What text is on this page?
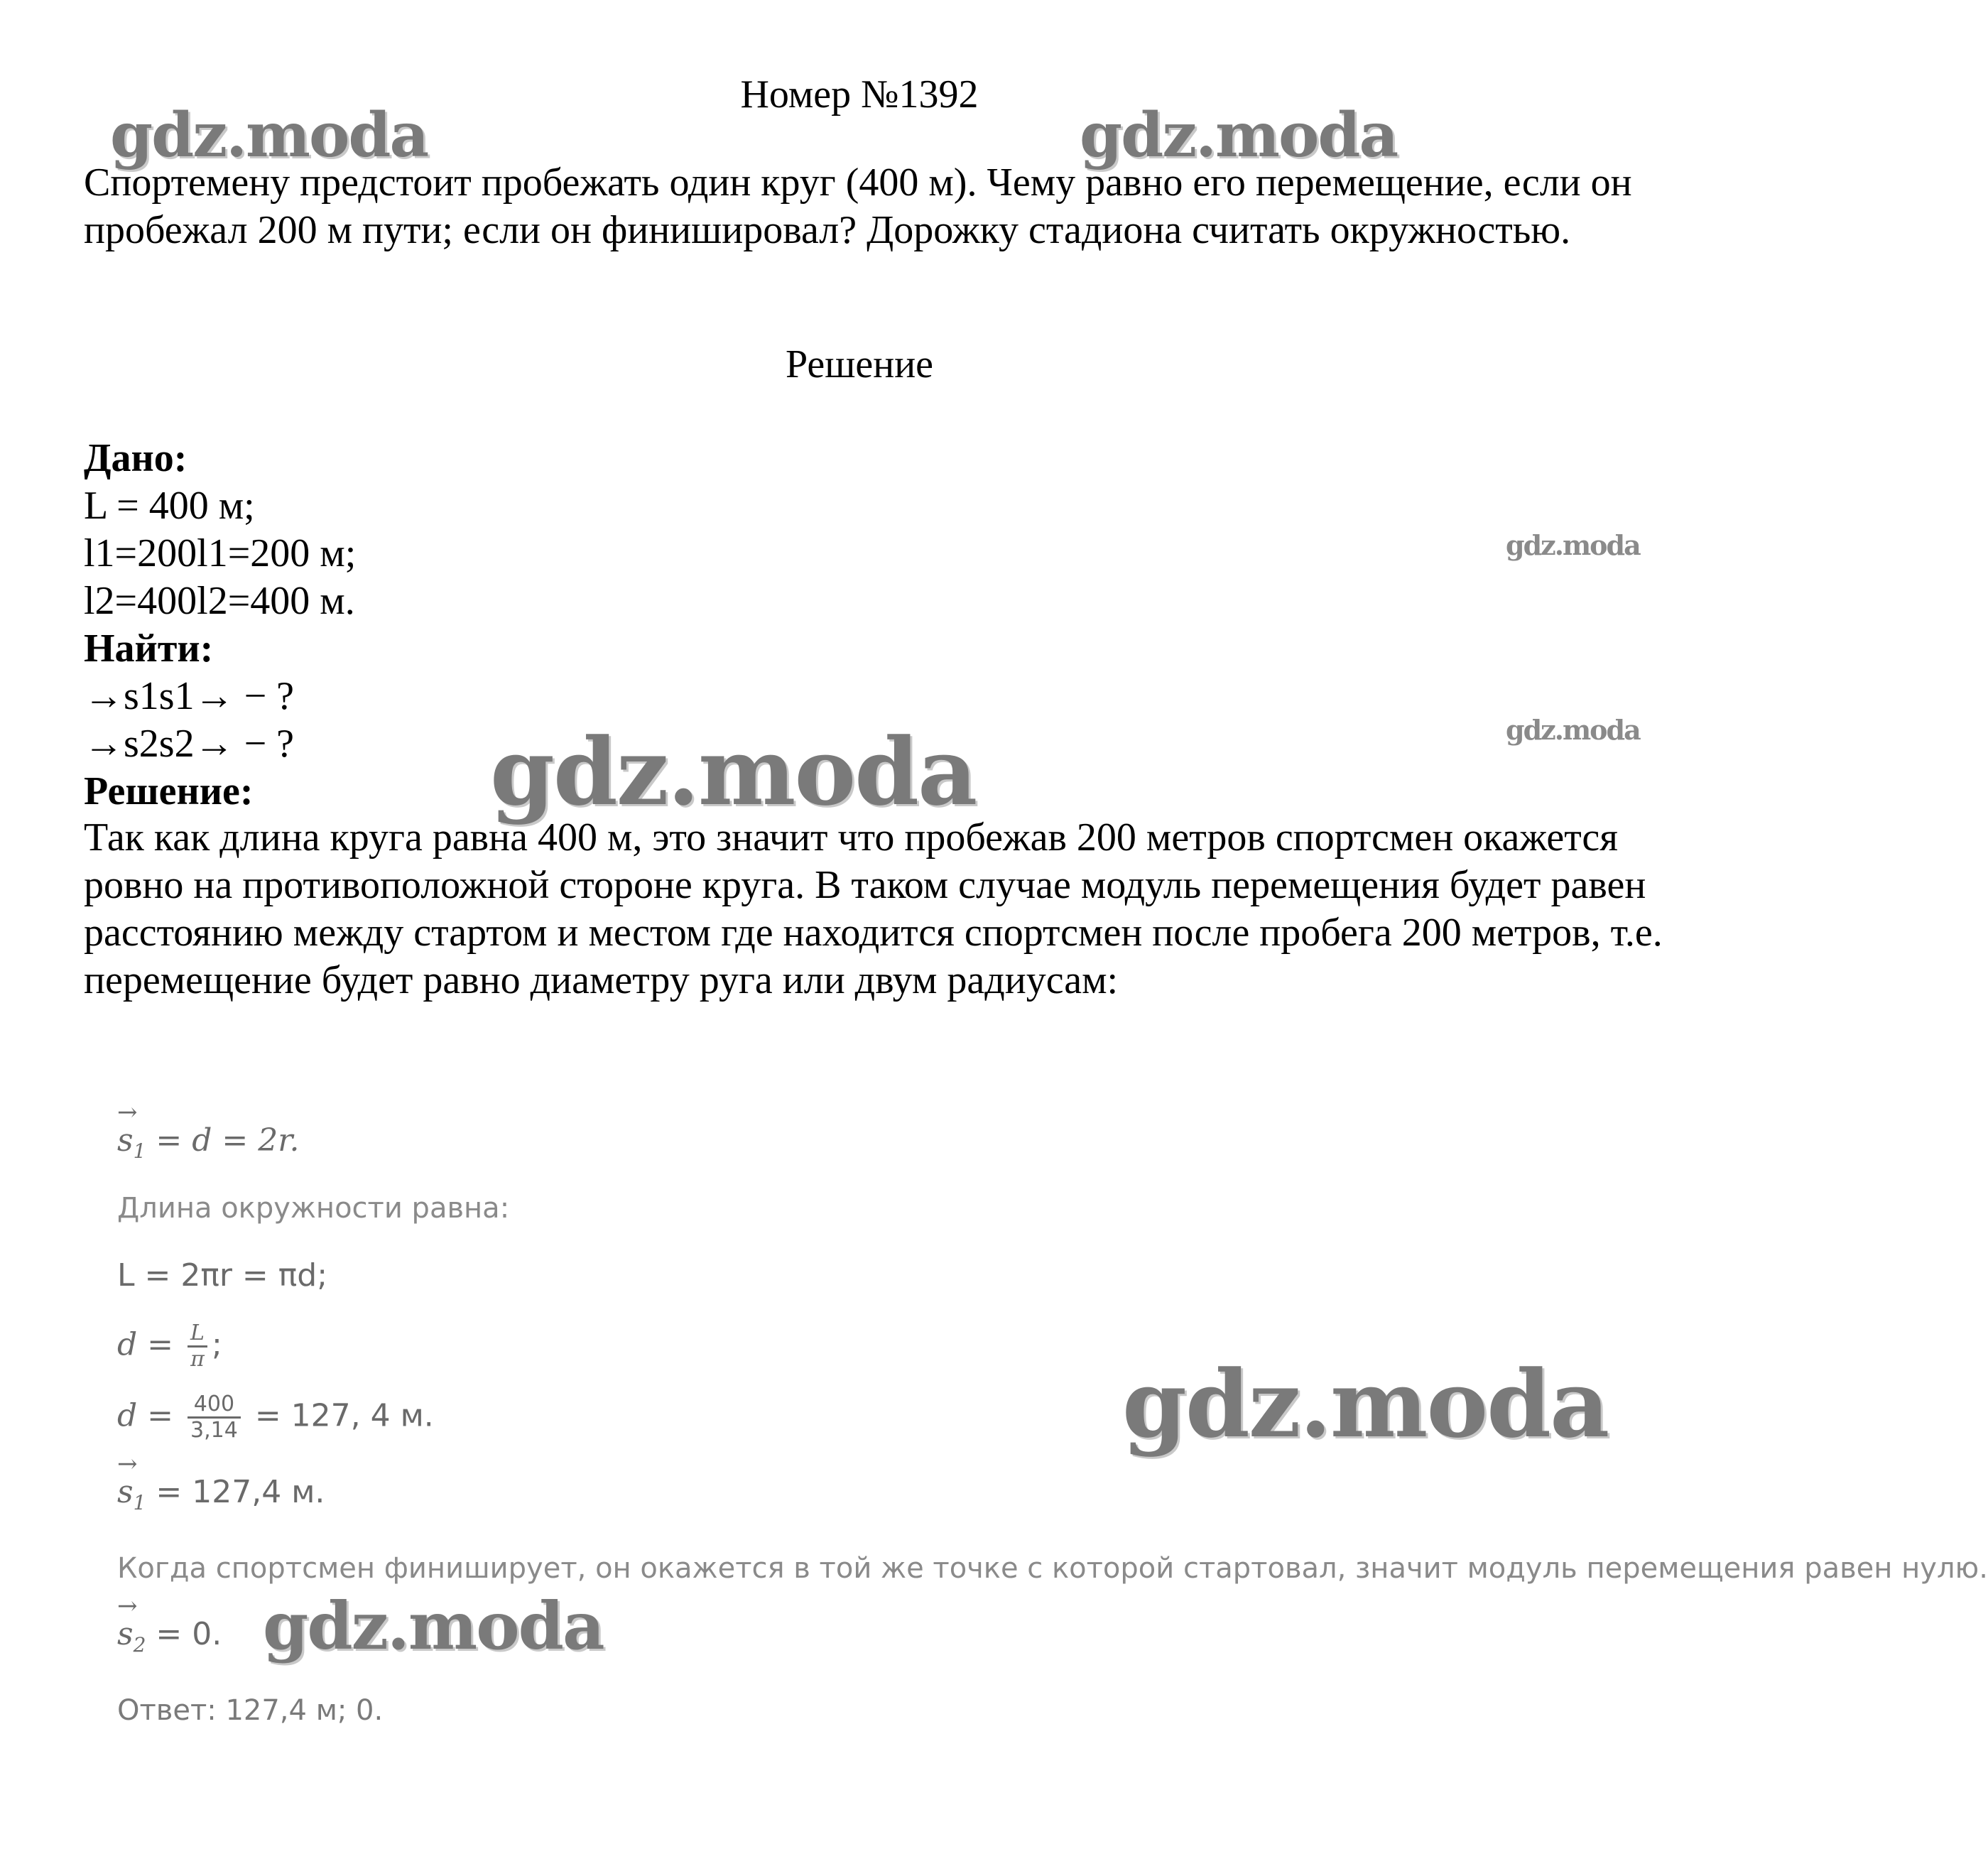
Номер №1392

Спортемену предстоит пробежать один круг (400 м). Чему равно его перемещение, если он пробежал 200 м пути; если он финишировал? Дорожку стадиона считать окружностью.

Решение

Дано:
L = 400 м;
l1=200l1=200 м;
l2=400l2=400 м.
Найти:
→s1s1→ − ?
→s2s2→ − ?
Решение:

Так как длина круга равна 400 м, это значит что пробежав 200 метров спортсмен окажется ровно на противоположной стороне круга. В таком случае модуль перемещения будет равен расстоянию между стартом и местом где находится спортсмен после пробега 200 метров, т.е. перемещение будет равно диаметру руга или двум радиусам:

→ $s_1 = d = 2r$.
Длина окружности равна:
L = 2πr = πd;
$d = \frac{L}{\pi}$ ;
$d = \frac{400}{3,14} = 127$, 4 м.
→ $s_1 = 127,4$ м.
Когда спортсмен финиширует, он окажется в той же точке с которой стартовал, значит модуль перемещения равен нулю.
→ $s_2 = 0$.
Ответ: 127,4 м; 0.
gdz.moda	gdz.moda
gdz.moda
gdz.moda
gdz.moda
gdz.moda
gdz.moda
